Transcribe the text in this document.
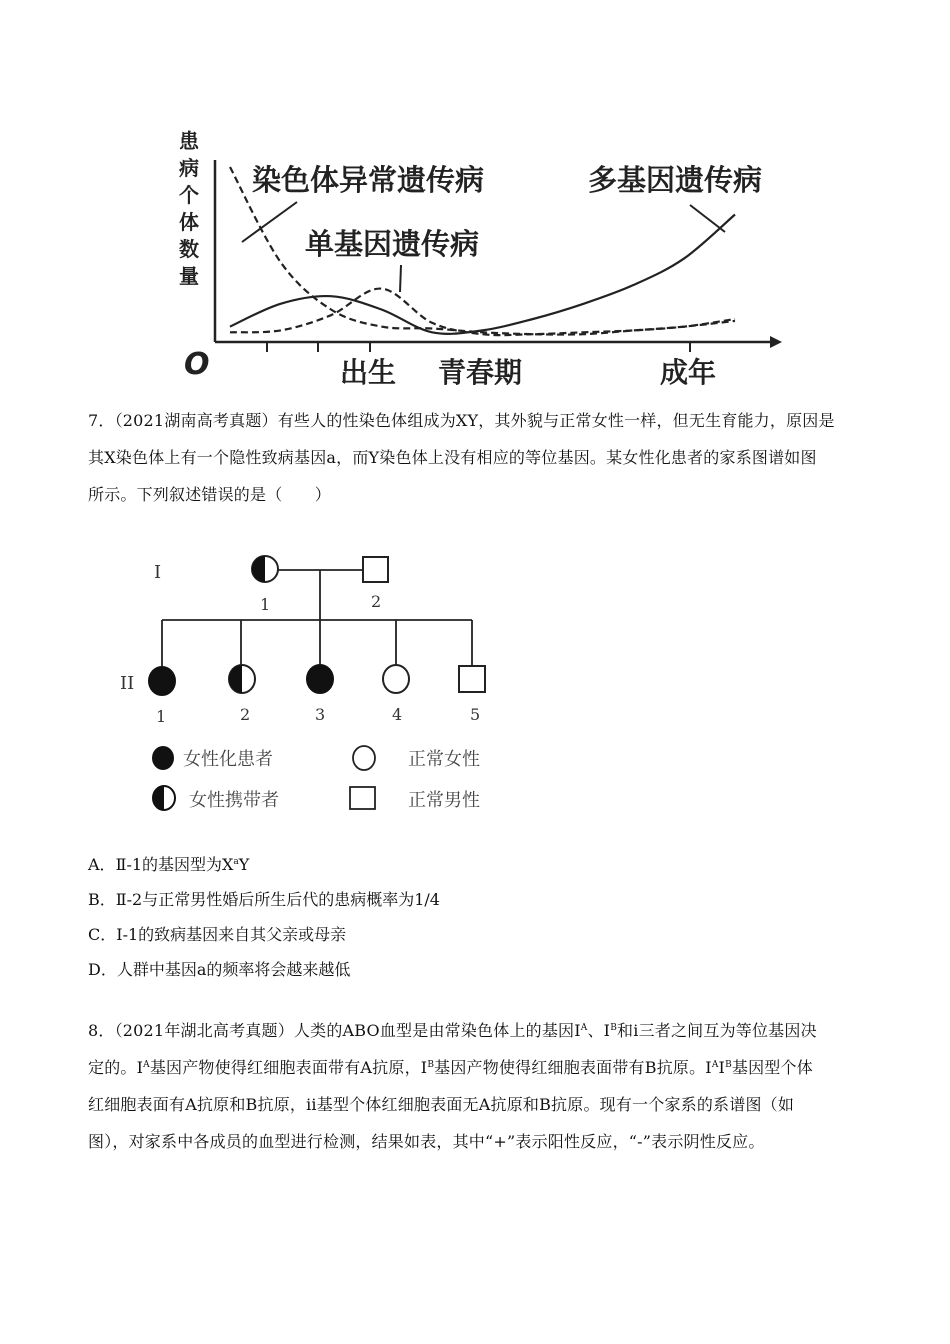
患
病
个
体
数
量
O	出生 青春期	成年
染色体异常遗传病
单基因遗传病
多基因遗传病
7．（2021湖南高考真题）有些人的性染色体组成为XY，其外貌与正常女性一样，但无生育能力，原因是
其X染色体上有一个隐性致病基因a，而Y染色体上没有相应的等位基因。某女性化患者的家系图谱如图
所示。下列叙述错误的是（　　）
I
II
1	2
1	2	3	4	5
女性化患者
女性携带者
正常女性
正常男性
A．Ⅱ-1的基因型为$X^aY$
B．Ⅱ-2与正常男性婚后所生后代的患病概率为1/4
C．I-1的致病基因来自其父亲或母亲
D．人群中基因a的频率将会越来越低
8．（2021年湖北高考真题）人类的ABO血型是由常染色体上的基因$I^A$、$I^B$和i三者之间互为等位基因决
定的。$I^A$基因产物使得红细胞表面带有A抗原，$I^B$基因产物使得红细胞表面带有B抗原。$I^AI^B$基因型个体
红细胞表面有A抗原和B抗原，ii基型个体红细胞表面无A抗原和B抗原。现有一个家系的系谱图（如
图），对家系中各成员的血型进行检测，结果如表，其中“+”表示阳性反应，“-”表示阴性反应。
